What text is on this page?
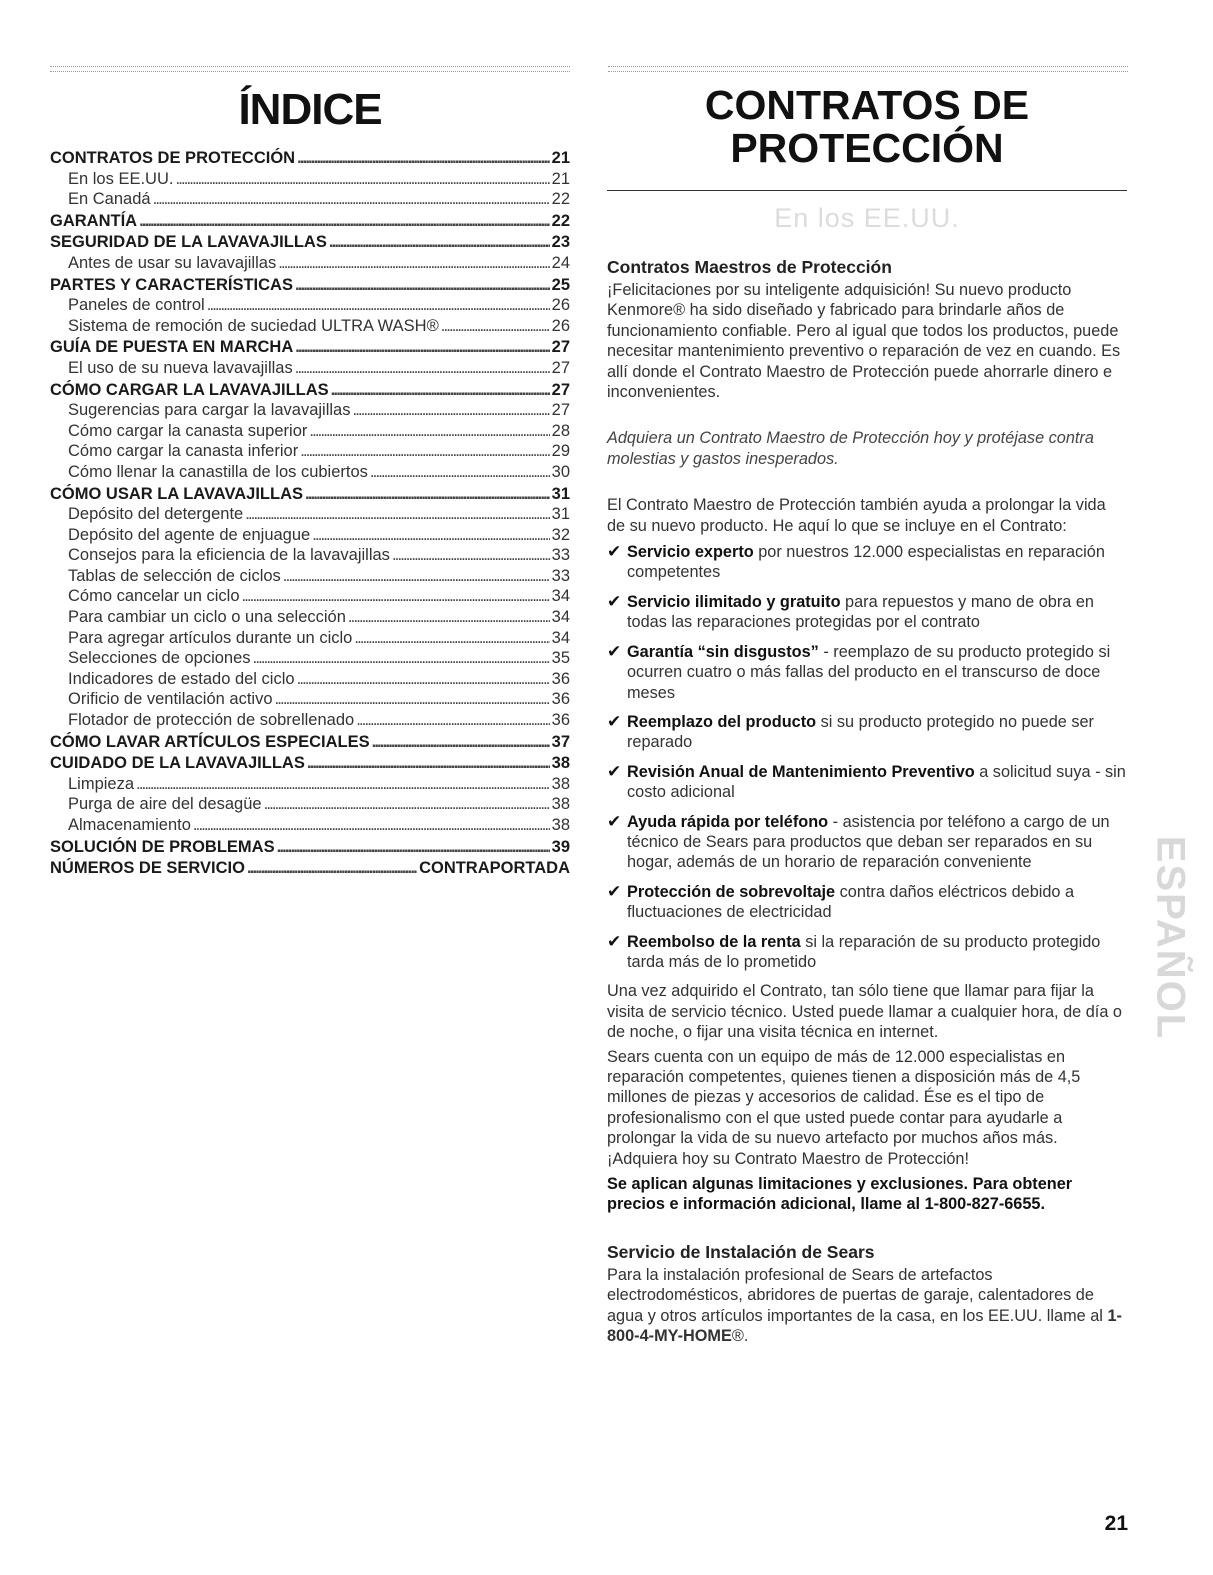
ÍNDICE
CONTRATOS DE PROTECCIÓN . . .	21
En los EE.UU. . . .	21
En Canadá . . .	22
GARANTÍA . . .	22
SEGURIDAD DE LA LAVAVAJILLAS . . .	23
Antes de usar su lavavajillas . . .	24
PARTES Y CARACTERÍSTICAS . . .	25
Paneles de control . . .	26
Sistema de remoción de suciedad ULTRA WASH® . . .	26
GUÍA DE PUESTA EN MARCHA . . .	27
El uso de su nueva lavavajillas . . .	27
CÓMO CARGAR LA LAVAVAJILLAS . . .	27
Sugerencias para cargar la lavavajillas . . .	27
Cómo cargar la canasta superior . . .	28
Cómo cargar la canasta inferior . . .	29
Cómo llenar la canastilla de los cubiertos . . .	30
CÓMO USAR LA LAVAVAJILLAS . . .	31
Depósito del detergente . . .	31
Depósito del agente de enjuague . . .	32
Consejos para la eficiencia de la lavavajillas . . .	33
Tablas de selección de ciclos . . .	33
Cómo cancelar un ciclo . . .	34
Para cambiar un ciclo o una selección . . .	34
Para agregar artículos durante un ciclo . . .	34
Selecciones de opciones . . .	35
Indicadores de estado del ciclo . . .	36
Orificio de ventilación activo . . .	36
Flotador de protección de sobrellenado . . .	36
CÓMO LAVAR ARTÍCULOS ESPECIALES . . .	37
CUIDADO DE LA LAVAVAJILLAS . . .	38
Limpieza . . .	38
Purga de aire del desagüe . . .	38
Almacenamiento . . .	38
SOLUCIÓN DE PROBLEMAS . . .	39
NÚMEROS DE SERVICIO . . .	CONTRAPORTADA
CONTRATOS DE
PROTECCIÓN
En los EE.UU.
Contratos Maestros de Protección

¡Felicitaciones por su inteligente adquisición! Su nuevo producto Kenmore® ha sido diseñado y fabricado para brindarle años de funcionamiento confiable. Pero al igual que todos los productos, puede necesitar mantenimiento preventivo o reparación de vez en cuando. Es allí donde el Contrato Maestro de Protección puede ahorrarle dinero e inconvenientes.

Adquiera un Contrato Maestro de Protección hoy y protéjase contra molestias y gastos inesperados.

El Contrato Maestro de Protección también ayuda a prolongar la vida de su nuevo producto. He aquí lo que se incluye en el Contrato:

✔ Servicio experto por nuestros 12.000 especialistas en reparación competentes
✔ Servicio ilimitado y gratuito para repuestos y mano de obra en todas las reparaciones protegidas por el contrato
✔ Garantía “sin disgustos” - reemplazo de su producto protegido si ocurren cuatro o más fallas del producto en el transcurso de doce meses
✔ Reemplazo del producto si su producto protegido no puede ser reparado
✔ Revisión Anual de Mantenimiento Preventivo a solicitud suya - sin costo adicional
✔ Ayuda rápida por teléfono - asistencia por teléfono a cargo de un técnico de Sears para productos que deban ser reparados en su hogar, además de un horario de reparación conveniente
✔ Protección de sobrevoltaje contra daños eléctricos debido a fluctuaciones de electricidad
✔ Reembolso de la renta si la reparación de su producto protegido tarda más de lo prometido

Una vez adquirido el Contrato, tan sólo tiene que llamar para fijar la visita de servicio técnico. Usted puede llamar a cualquier hora, de día o de noche, o fijar una visita técnica en internet.

Sears cuenta con un equipo de más de 12.000 especialistas en reparación competentes, quienes tienen a disposición más de 4,5 millones de piezas y accesorios de calidad. Ése es el tipo de profesionalismo con el que usted puede contar para ayudarle a prolongar la vida de su nuevo artefacto por muchos años más. ¡Adquiera hoy su Contrato Maestro de Protección!

Se aplican algunas limitaciones y exclusiones. Para obtener precios e información adicional, llame al 1-800-827-6655.

Servicio de Instalación de Sears

Para la instalación profesional de Sears de artefactos electrodomésticos, abridores de puertas de garaje, calentadores de agua y otros artículos importantes de la casa, en los EE.UU. llame al 1-800-4-MY-HOME®.

ESPAÑOL
21
